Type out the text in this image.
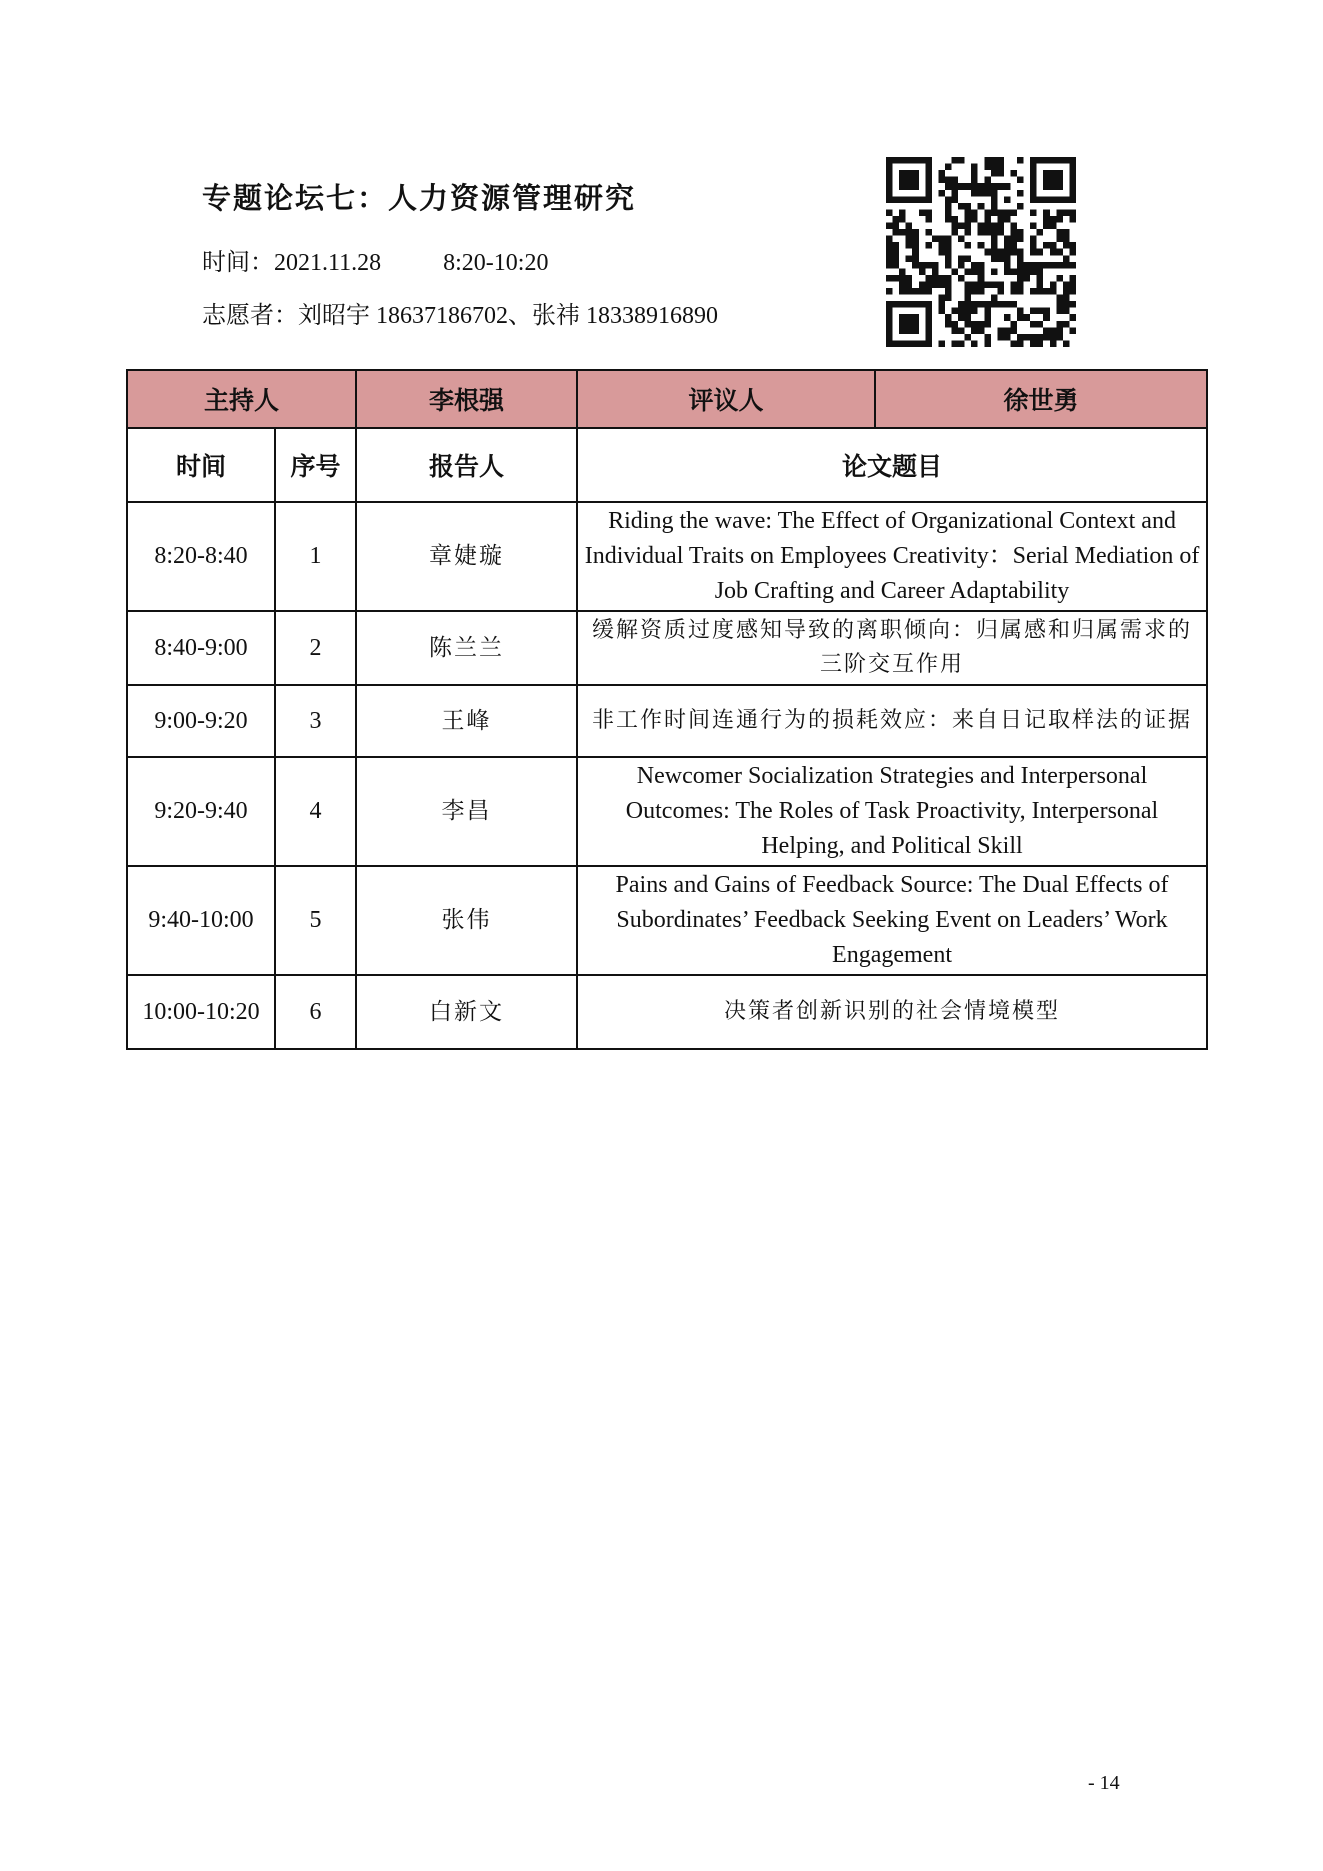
专题论坛七：人力资源管理研究
时间：2021.11.28	8:20-10:20
志愿者：刘昭宇 18637186702、张祎 18338916890
主持人		李根强	评议人	徐世勇
时间	序号	报告人	论文题目	
8:20-8:40	1	章婕璇	Riding the wave: The Effect of Organizational Context and Individual Traits on Employees Creativity：Serial Mediation of Job Crafting and Career Adaptability	
8:40-9:00	2	陈兰兰	缓解资质过度感知导致的离职倾向：归属感和归属需求的三阶交互作用	
9:00-9:20	3	王峰	非工作时间连通行为的损耗效应：来自日记取样法的证据	
9:20-9:40	4	李昌	Newcomer Socialization Strategies and Interpersonal Outcomes: The Roles of Task Proactivity, Interpersonal Helping, and Political Skill	
9:40-10:00	5	张伟	Pains and Gains of Feedback Source: The Dual Effects of Subordinates’ Feedback Seeking Event on Leaders’ Work Engagement	
10:00-10:20	6	白新文	决策者创新识别的社会情境模型	
- 14
